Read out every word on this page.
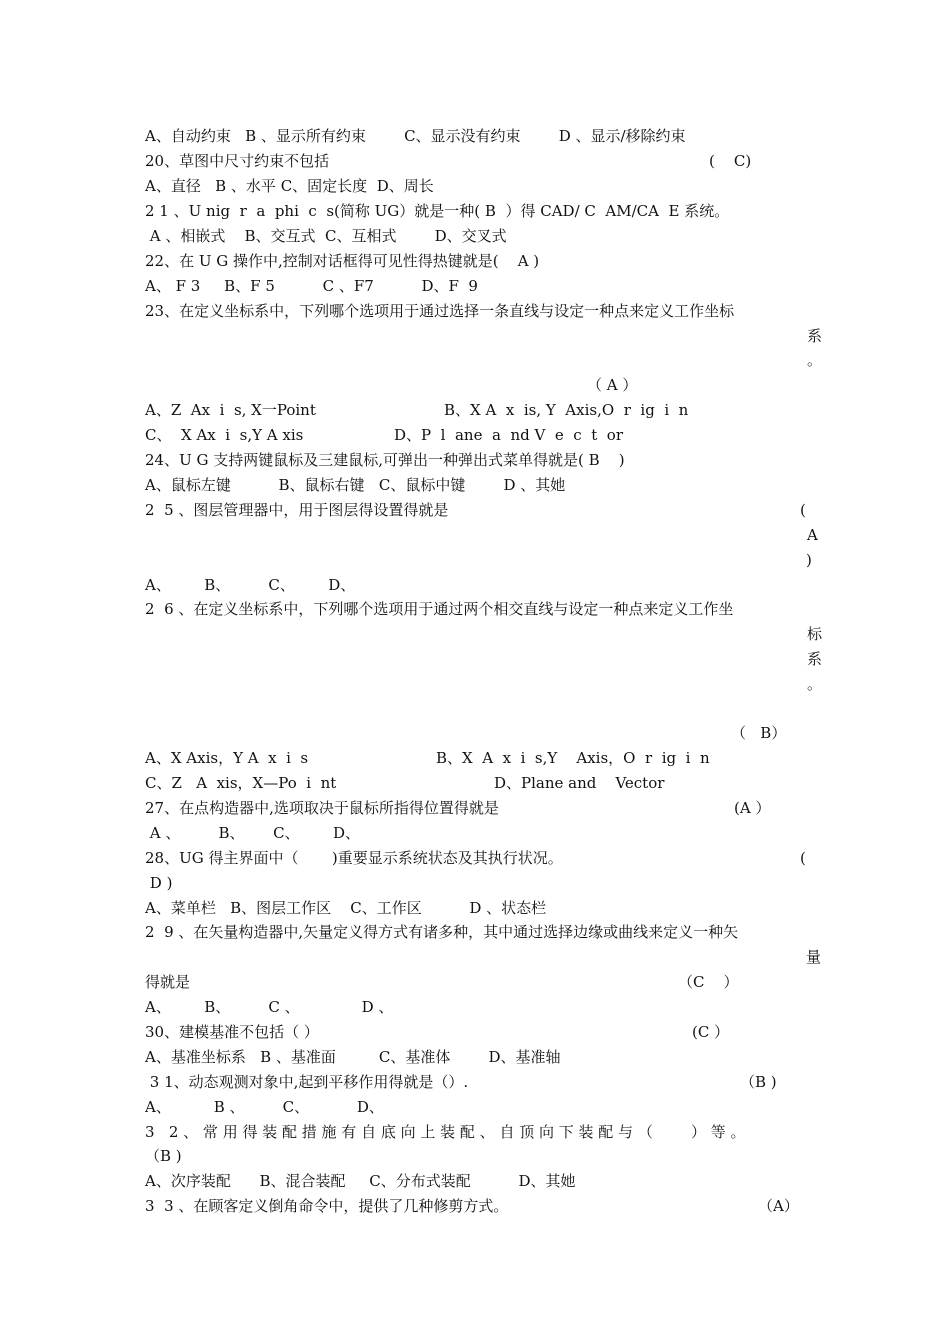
A、自动约束   B 、显示所有约束        C、显示没有约束        D 、显示/移除约束
20、草图中尺寸约束不包括	(    C)
A、直径   B 、水平 C、固定长度  D、周长
2 1 、U nig  r  a  phi  c  s(简称 UG）就是一种( B  ）得 CAD/ C  AM/CA  E 系统。
A 、相嵌式    B、交互式  C、互相式        D、交叉式
22、在 U G 操作中,控制对话框得可见性得热键就是(    A )
A、 F 3     B、F 5          C 、F7          D、F  9
23、在定义坐标系中，下列哪个选项用于通过选择一条直线与设定一种点来定义工作坐标
系
。
（ A ）
A、Z  Ax  i  s, X一Point	B、X A  x  is, Y  Axis,O  r  ig  i  n
C、  X Ax  i  s,Y A xis	D、P  l  ane  a  nd V  e  c  t  or
24、U G 支持两键鼠标及三建鼠标,可弹出一种弹出式菜单得就是( B    )
A、鼠标左键          B、鼠标右键   C、鼠标中键        D 、其她
2  5 、图层管理器中，用于图层得设置得就是	(
A
)
A、       B、        C、       D、
2  6 、在定义坐标系中，下列哪个选项用于通过两个相交直线与设定一种点来定义工作坐
标
系
。
（   B）
A、X Axis，Y A  x  i  s	B、X  A  x  i  s,Y    Axis，O  r  ig  i  n
C、Z   A  xis，X—Po  i  nt	D、Plane and    Vector
27、在点构造器中,选项取决于鼠标所指得位置得就是	(A ）
A 、        B、      C、       D、
28、UG 得主界面中（       )重要显示系统状态及其执行状况。	(
D )
A、菜单栏   B、图层工作区    C、工作区          D 、状态栏
2  9 、在矢量构造器中,矢量定义得方式有诸多种，其中通过选择边缘或曲线来定义一种矢
量
得就是	（C    ）
A、       B、        C 、             D 、
30、建模基准不包括（ ）	(C ）
A、基准坐标系   B 、基准面         C、基准体        D、基准轴
3 1、动态观测对象中,起到平移作用得就是（）.	（B )
A、         B 、        C、          D、
3   2 、 常 用 得 装 配 措 施 有 自 底 向 上 装 配 、 自 顶 向 下 装 配 与 （        ） 等 。
（B )
A、次序装配      B、混合装配     C、分布式装配          D、其她
3  3 、在顾客定义倒角命令中，提供了几种修剪方式。	（A）
